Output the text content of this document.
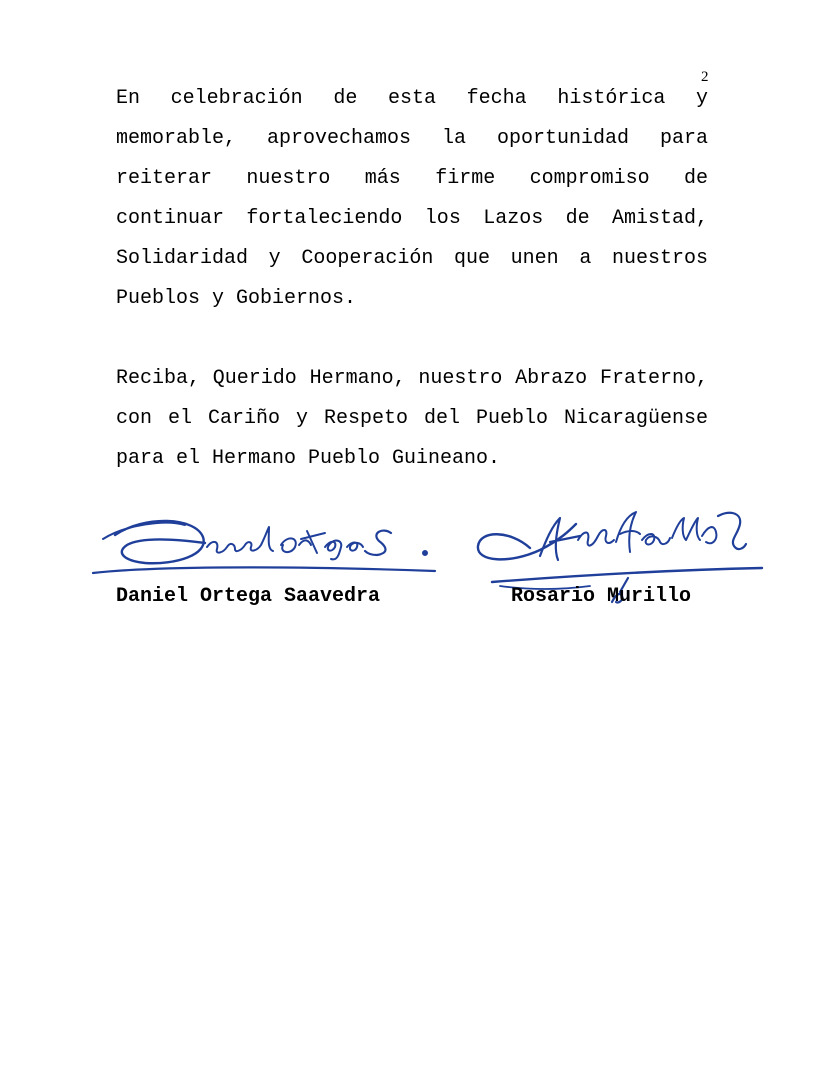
2
En celebración de esta fecha histórica y
memorable, aprovechamos la oportunidad para
reiterar nuestro más firme compromiso de
continuar fortaleciendo los Lazos de Amistad,
Solidaridad y Cooperación que unen a nuestros
Pueblos y Gobiernos.
Reciba, Querido Hermano, nuestro Abrazo Fraterno,
con el Cariño y Respeto del Pueblo Nicaragüense
para el Hermano Pueblo Guineano.
Daniel Ortega Saavedra	Rosario Murillo
